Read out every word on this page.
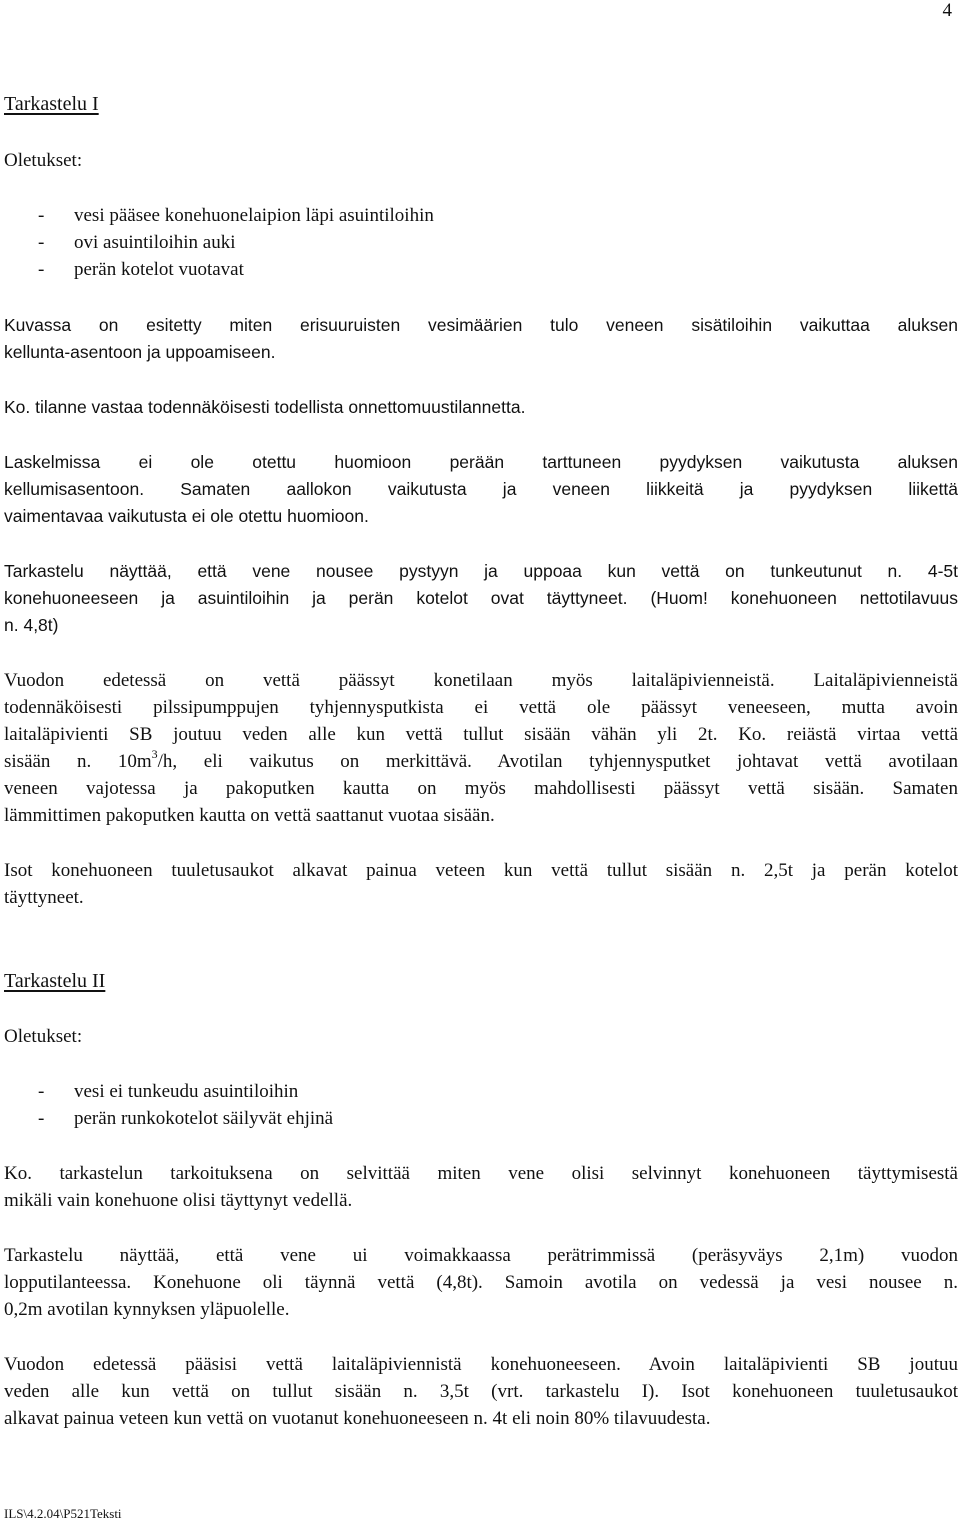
4
Tarkastelu I
Oletukset:
- vesi pääsee konehuonelaipion läpi asuintiloihin
- ovi asuintiloihin auki
- perän kotelot vuotavat
Kuvassa on esitetty miten erisuuruisten vesimäärien tulo veneen sisätiloihin vaikuttaa aluksen
kellunta-asentoon ja uppoamiseen.
Ko. tilanne vastaa todennäköisesti todellista onnettomuustilannetta.
Laskelmissa ei ole otettu huomioon perään tarttuneen pyydyksen vaikutusta aluksen
kellumisasentoon. Samaten aallokon vaikutusta ja veneen liikkeitä ja pyydyksen liikettä
vaimentavaa vaikutusta ei ole otettu huomioon.
Tarkastelu näyttää, että vene nousee pystyyn ja uppoaa kun vettä on tunkeutunut n. 4-5t
konehuoneeseen ja asuintiloihin ja perän kotelot ovat täyttyneet. (Huom! konehuoneen nettotilavuus
n. 4,8t)
Vuodon edetessä on vettä päässyt konetilaan myös laitaläpivienneistä. Laitaläpivienneistä
todennäköisesti pilssipumppujen tyhjennysputkista ei vettä ole päässyt veneeseen, mutta avoin
laitaläpivienti SB joutuu veden alle kun vettä tullut sisään vähän yli 2t. Ko. reiästä virtaa vettä
sisään n. $10m^3/h$, eli vaikutus on merkittävä. Avotilan tyhjennysputket johtavat vettä avotilaan
veneen vajotessa ja pakoputken kautta on myös mahdollisesti päässyt vettä sisään. Samaten
lämmittimen pakoputken kautta on vettä saattanut vuotaa sisään.
Isot konehuoneen tuuletusaukot alkavat painua veteen kun vettä tullut sisään n. 2,5t ja perän kotelot
täyttyneet.
Tarkastelu II
Oletukset:
- vesi ei tunkeudu asuintiloihin
- perän runkokotelot säilyvät ehjinä
Ko. tarkastelun tarkoituksena on selvittää miten vene olisi selvinnyt konehuoneen täyttymisestä
mikäli vain konehuone olisi täyttynyt vedellä.
Tarkastelu näyttää, että vene ui voimakkaassa perätrimmissä (peräsyväys 2,1m) vuodon
lopputilanteessa. Konehuone oli täynnä vettä (4,8t). Samoin avotila on vedessä ja vesi nousee n.
0,2m avotilan kynnyksen yläpuolelle.
Vuodon edetessä pääsisi vettä laitaläpiviennistä konehuoneeseen. Avoin laitaläpivienti SB joutuu
veden alle kun vettä on tullut sisään n. 3,5t (vrt. tarkastelu I). Isot konehuoneen tuuletusaukot
alkavat painua veteen kun vettä on vuotanut konehuoneeseen n. 4t eli noin 80% tilavuudesta.
ILS\4.2.04\P521Teksti
